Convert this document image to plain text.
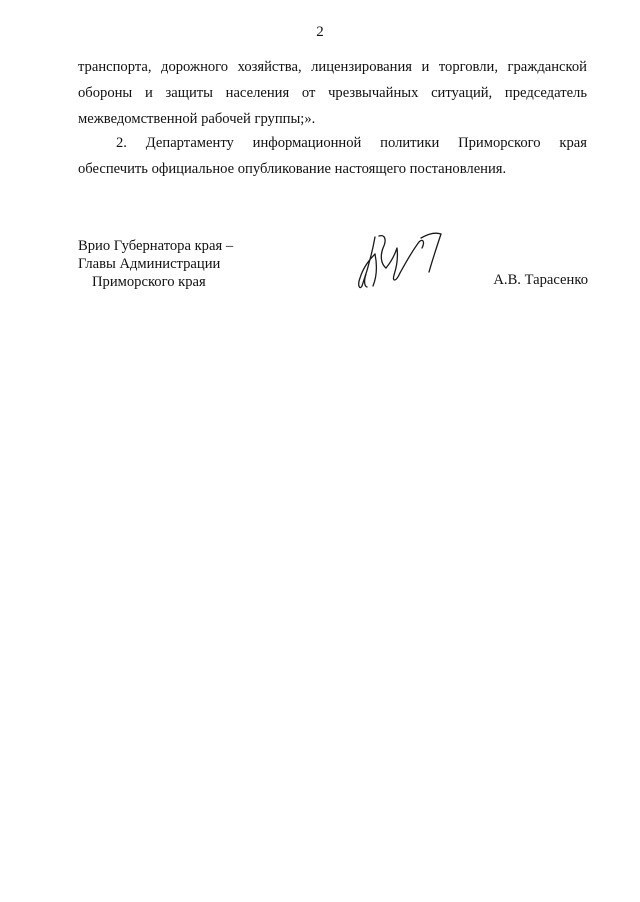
2
транспорта, дорожного хозяйства, лицензирования и торговли, гражданской
обороны и защиты населения от чрезвычайных ситуаций, председатель
межведомственной рабочей группы;».
2. Департаменту информационной политики Приморского края
обеспечить официальное опубликование настоящего постановления.
Врио Губернатора края –
Главы Администрации
Приморского края	А.В. Тарасенко
